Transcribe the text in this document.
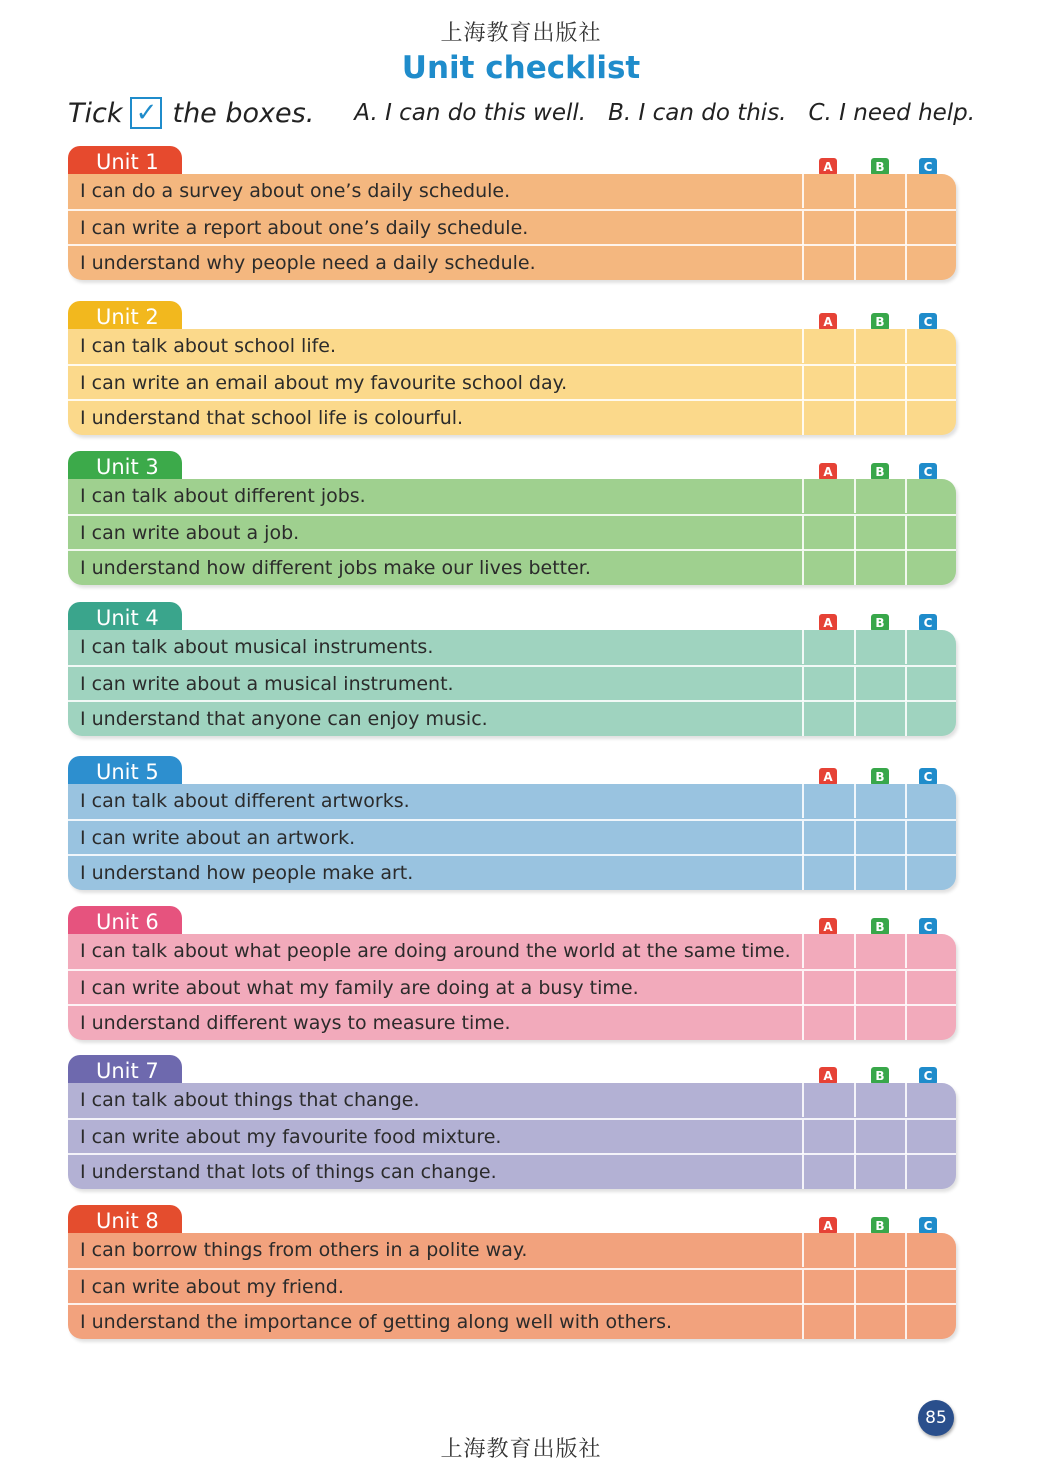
上海教育出版社
Unit checklist
Tick ✓ the boxes. A. I can do this well. B. I can do this. C. I need help.
Unit 1	A	B	C
I can do a survey about one’s daily schedule.
I can write a report about one’s daily schedule.
I understand why people need a daily schedule.
Unit 2	A	B	C
I can talk about school life.
I can write an email about my favourite school day.
I understand that school life is colourful.
Unit 3	A	B	C
I can talk about different jobs.
I can write about a job.
I understand how different jobs make our lives better.
Unit 4	A	B	C
I can talk about musical instruments.
I can write about a musical instrument.
I understand that anyone can enjoy music.
Unit 5	A	B	C
I can talk about different artworks.
I can write about an artwork.
I understand how people make art.
Unit 6	A	B	C
I can talk about what people are doing around the world at the same time.
I can write about what my family are doing at a busy time.
I understand different ways to measure time.
Unit 7	A	B	C
I can talk about things that change.
I can write about my favourite food mixture.
I understand that lots of things can change.
Unit 8	A	B	C
I can borrow things from others in a polite way.
I can write about my friend.
I understand the importance of getting along well with others.
85
上海教育出版社
